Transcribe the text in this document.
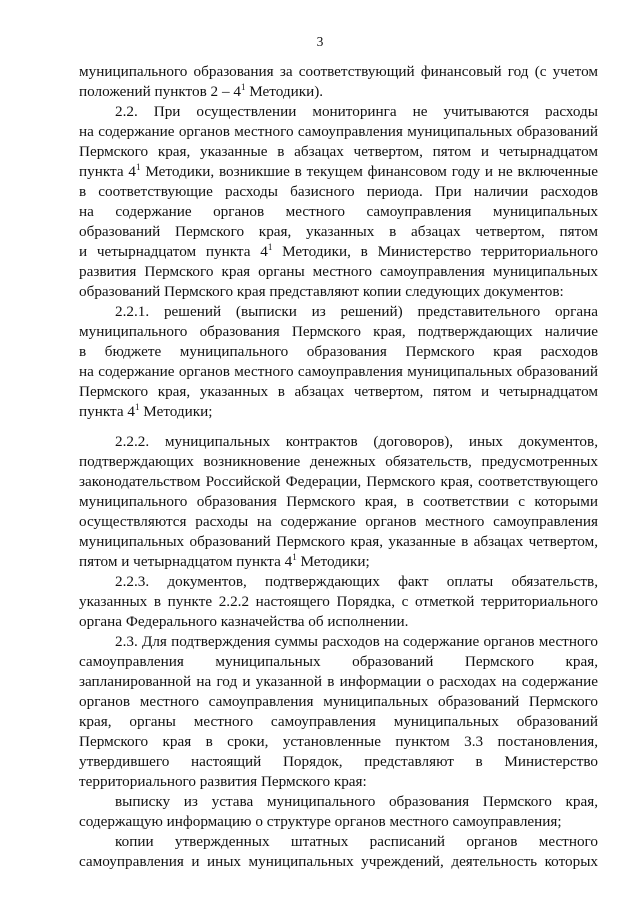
3
муниципального образования за соответствующий финансовый год (с учетом
положений пунктов $2 - 4^1$ Методики).
2.2. При осуществлении мониторинга не учитываются расходы
на содержание органов местного самоуправления муниципальных образований
Пермского края, указанные в абзацах четвертом, пятом и четырнадцатом
пункта $4^1$ Методики, возникшие в текущем финансовом году и не включенные
в соответствующие расходы базисного периода. При наличии расходов
на содержание органов местного самоуправления муниципальных
образований Пермского края, указанных в абзацах четвертом, пятом
и четырнадцатом пункта $4^1$ Методики, в Министерство территориального
развития Пермского края органы местного самоуправления муниципальных
образований Пермского края представляют копии следующих документов:
2.2.1. решений (выписки из решений) представительного органа
муниципального образования Пермского края, подтверждающих наличие
в бюджете муниципального образования Пермского края расходов
на содержание органов местного самоуправления муниципальных образований
Пермского края, указанных в абзацах четвертом, пятом и четырнадцатом
пункта $4^1$ Методики;
2.2.2. муниципальных контрактов (договоров), иных документов,
подтверждающих возникновение денежных обязательств, предусмотренных
законодательством Российской Федерации, Пермского края, соответствующего
муниципального образования Пермского края, в соответствии с которыми
осуществляются расходы на содержание органов местного самоуправления
муниципальных образований Пермского края, указанные в абзацах четвертом,
пятом и четырнадцатом пункта $4^1$ Методики;
2.2.3. документов, подтверждающих факт оплаты обязательств,
указанных в пункте 2.2.2 настоящего Порядка, с отметкой территориального
органа Федерального казначейства об исполнении.
2.3. Для подтверждения суммы расходов на содержание органов местного
самоуправления муниципальных образований Пермского края,
запланированной на год и указанной в информации о расходах на содержание
органов местного самоуправления муниципальных образований Пермского
края, органы местного самоуправления муниципальных образований
Пермского края в сроки, установленные пунктом 3.3 постановления,
утвердившего настоящий Порядок, представляют в Министерство
территориального развития Пермского края:
выписку из устава муниципального образования Пермского края,
содержащую информацию о структуре органов местного самоуправления;
копии утвержденных штатных расписаний органов местного
самоуправления и иных муниципальных учреждений, деятельность которых
